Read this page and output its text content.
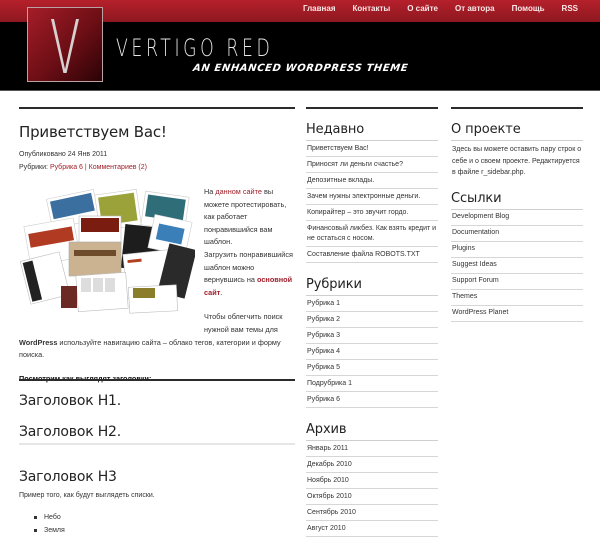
VERTIGO RED
AN ENHANCED WORDPRESS THEME
Главная Контакты О сайте От автора Помощь RSS
Приветствуем Вас!
Опубликовано 24 Янв 2011
Рубрики: Рубрика 6 | Комментариев (2)

На данном сайте вы можете протестировать, как работает понравившийся вам шаблон.

Загрузить понравившийся шаблон можно вернувшись на основной сайт.

Чтобы облегчить поиск нужной вам темы для

WordPress используйте навигацию сайта – облако тегов, категории и форму поиска.

Заголовок H1.
Заголовок H2.
Заголовок H3
Пример того, как будут выглядеть списки.
Небо
Земля
Недавно
Приветствуем Вас!
Приносят ли деньги счастье?
Депозитные вклады.
Зачем нужны электронные деньги.
Копирайтер – это звучит гордо.
Финансовый ликбез. Как взять кредит и не остаться с носом.
Составление файла ROBOTS.TXT
Рубрики
Рубрика 1
Рубрика 2
Рубрика 3
Рубрика 4
Рубрика 5
Подрубрика 1
Рубрика 6
Архив
Январь 2011
Декабрь 2010
Ноябрь 2010
Октябрь 2010
Сентябрь 2010
Август 2010
О проекте

Здесь вы можете оставить пару строк о себе и о своем проекте. Редактируется в файле r_sidebar.php.

Ссылки
Development Blog
Documentation
Plugins
Suggest Ideas
Support Forum
Themes
WordPress Planet
